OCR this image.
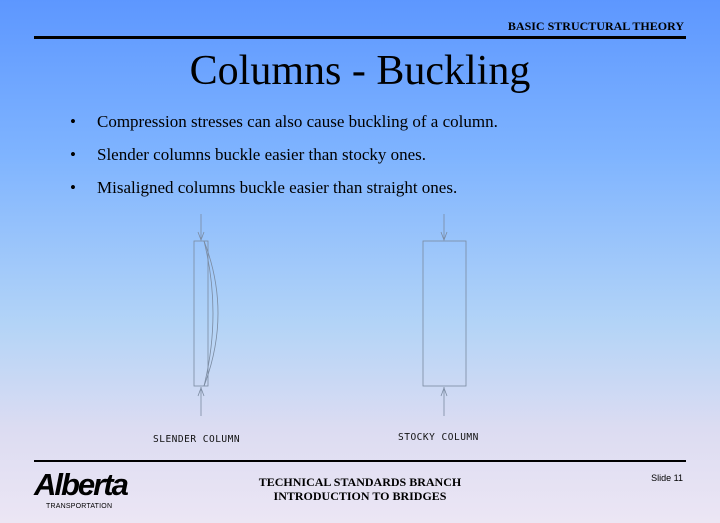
BASIC STRUCTURAL THEORY
Columns - Buckling
• Compression stresses can also cause buckling of a column.
• Slender columns buckle easier than stocky ones.
• Misaligned columns buckle easier than straight ones.
SLENDER COLUMN	STOCKY COLUMN
Alberta
TRANSPORTATION
TECHNICAL STANDARDS BRANCH
INTRODUCTION TO BRIDGES
Slide 11
